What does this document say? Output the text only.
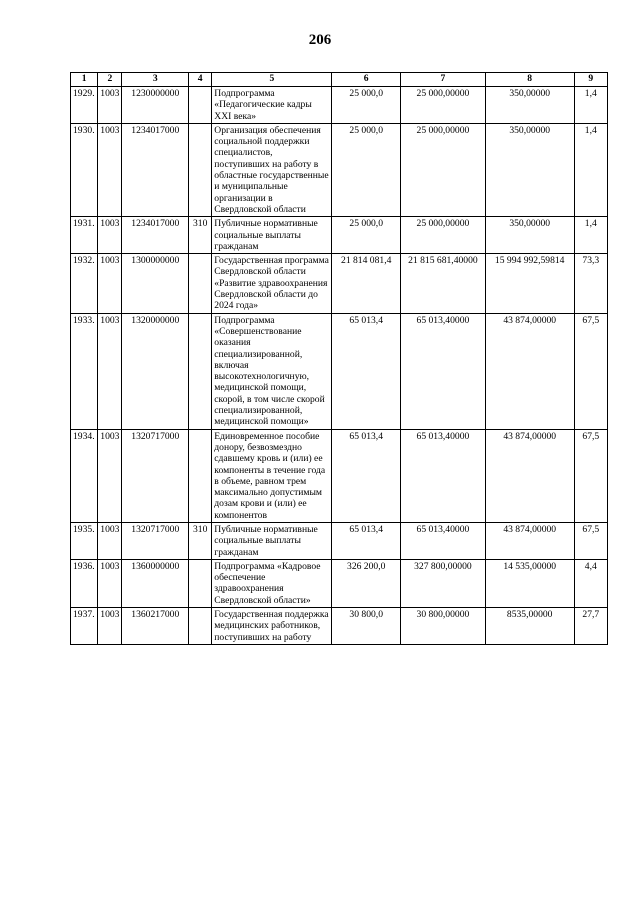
206
1	2	3	4	5	6	7	8	9
1929.	1003	1230000000		Подпрограмма «Педагогические кадры XXI века»	25 000,0	25 000,00000	350,00000	1,4
1930.	1003	1234017000		Организация обеспечения социальной поддержки специалистов, поступивших на работу в областные государственные и муниципальные организации в Свердловской области	25 000,0	25 000,00000	350,00000	1,4
1931.	1003	1234017000	310	Публичные нормативные социальные выплаты гражданам	25 000,0	25 000,00000	350,00000	1,4
1932.	1003	1300000000		Государственная программа Свердловской области «Развитие здравоохранения Свердловской области до 2024 года»	21 814 081,4	21 815 681,40000	15 994 992,59814	73,3
1933.	1003	1320000000		Подпрограмма «Совершенствование оказания специализированной, включая высокотехнологичную, медицинской помощи, скорой, в том числе скорой специализированной, медицинской помощи»	65 013,4	65 013,40000	43 874,00000	67,5
1934.	1003	1320717000		Единовременное пособие донору, безвозмездно сдавшему кровь и (или) ее компоненты в течение года в объеме, равном трем максимально допустимым дозам крови и (или) ее компонентов	65 013,4	65 013,40000	43 874,00000	67,5
1935.	1003	1320717000	310	Публичные нормативные социальные выплаты гражданам	65 013,4	65 013,40000	43 874,00000	67,5
1936.	1003	1360000000		Подпрограмма «Кадровое обеспечение здравоохранения Свердловской области»	326 200,0	327 800,00000	14 535,00000	4,4
1937.	1003	1360217000		Государственная поддержка медицинских работников, поступивших на работу	30 800,0	30 800,00000	8535,00000	27,7
